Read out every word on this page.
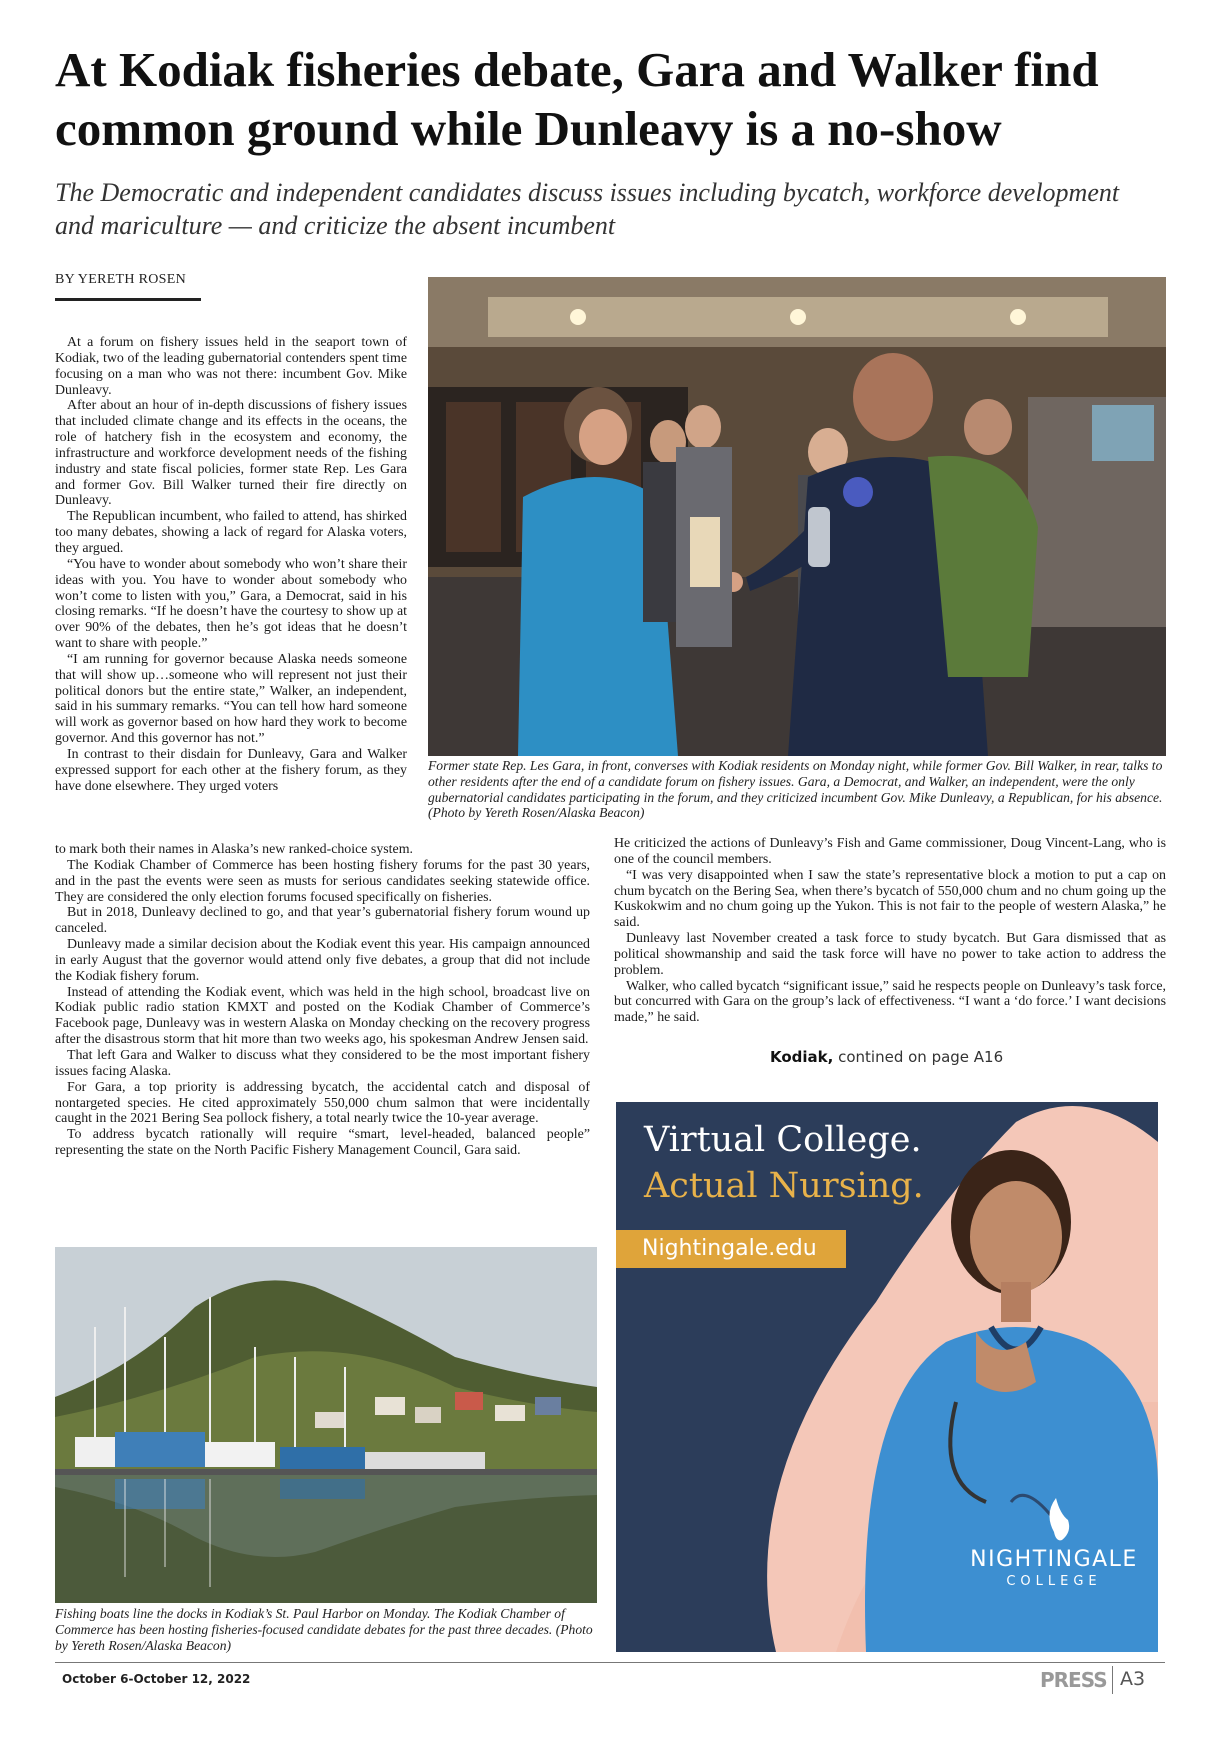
At Kodiak fisheries debate, Gara and Walker find common ground while Dunleavy is a no-show

The Democratic and independent candidates discuss issues including bycatch, workforce development and mariculture — and criticize the absent incumbent

BY YERETH ROSEN

Former state Rep. Les Gara, in front, converses with Kodiak residents on Monday night, while former Gov. Bill Walker, in rear, talks to other residents after the end of a candidate forum on fishery issues. Gara, a Democrat, and Walker, an independent, were the only gubernatorial candidates participating in the forum, and they criticized incumbent Gov. Mike Dunleavy, a Republican, for his absence. (Photo by Yereth Rosen/Alaska Beacon)

At a forum on fishery issues held in the seaport town of Kodiak, two of the leading gubernatorial contenders spent time focusing on a man who was not there: incumbent Gov. Mike Dunleavy.

After about an hour of in-depth discussions of fishery issues that included climate change and its effects in the oceans, the role of hatchery fish in the ecosystem and economy, the infrastructure and workforce development needs of the fishing industry and state fiscal policies, former state Rep. Les Gara and former Gov. Bill Walker turned their fire directly on Dunleavy.

The Republican incumbent, who failed to attend, has shirked too many debates, showing a lack of regard for Alaska voters, they argued.

“You have to wonder about somebody who won’t share their ideas with you. You have to wonder about somebody who won’t come to listen with you,” Gara, a Democrat, said in his closing remarks. “If he doesn’t have the courtesy to show up at over 90% of the debates, then he’s got ideas that he doesn’t want to share with people.”

“I am running for governor because Alaska needs someone that will show up…someone who will represent not just their political donors but the entire state,” Walker, an independent, said in his summary remarks. “You can tell how hard someone will work as governor based on how hard they work to become governor. And this governor has not.”

In contrast to their disdain for Dunleavy, Gara and Walker expressed support for each other at the fishery forum, as they have done elsewhere. They urged voters

to mark both their names in Alaska’s new ranked-choice system.

The Kodiak Chamber of Commerce has been hosting fishery forums for the past 30 years, and in the past the events were seen as musts for serious candidates seeking statewide office. They are considered the only election forums focused specifically on fisheries.

But in 2018, Dunleavy declined to go, and that year’s gubernatorial fishery forum wound up canceled.

Dunleavy made a similar decision about the Kodiak event this year. His campaign announced in early August that the governor would attend only five debates, a group that did not include the Kodiak fishery forum.

Instead of attending the Kodiak event, which was held in the high school, broadcast live on Kodiak public radio station KMXT and posted on the Kodiak Chamber of Commerce’s Facebook page, Dunleavy was in western Alaska on Monday checking on the recovery progress after the disastrous storm that hit more than two weeks ago, his spokesman Andrew Jensen said.

That left Gara and Walker to discuss what they considered to be the most important fishery issues facing Alaska.

For Gara, a top priority is addressing bycatch, the accidental catch and disposal of nontargeted species. He cited approximately 550,000 chum salmon that were incidentally caught in the 2021 Bering Sea pollock fishery, a total nearly twice the 10-year average.

To address bycatch rationally will require “smart, level-headed, balanced people” representing the state on the North Pacific Fishery Management Council, Gara said.

He criticized the actions of Dunleavy’s Fish and Game commissioner, Doug Vincent-Lang, who is one of the council members.

“I was very disappointed when I saw the state’s representative block a motion to put a cap on chum bycatch on the Bering Sea, when there’s bycatch of 550,000 chum and no chum going up the Kuskokwim and no chum going up the Yukon. This is not fair to the people of western Alaska,” he said.

Dunleavy last November created a task force to study bycatch. But Gara dismissed that as political showmanship and said the task force will have no power to take action to address the problem.

Walker, who called bycatch “significant issue,” said he respects people on Dunleavy’s task force, but concurred with Gara on the group’s lack of effectiveness. “I want a ‘do force.’ I want decisions made,” he said.

Kodiak, contined on page A16

Fishing boats line the docks in Kodiak’s St. Paul Harbor on Monday. The Kodiak Chamber of Commerce has been hosting fisheries-focused candidate debates for the past three decades. (Photo by Yereth Rosen/Alaska Beacon)

Virtual College.
Actual Nursing.
Nightingale.edu
NIGHTINGALE
COLLEGE
October 6-October 12, 2022	PRESS A3
